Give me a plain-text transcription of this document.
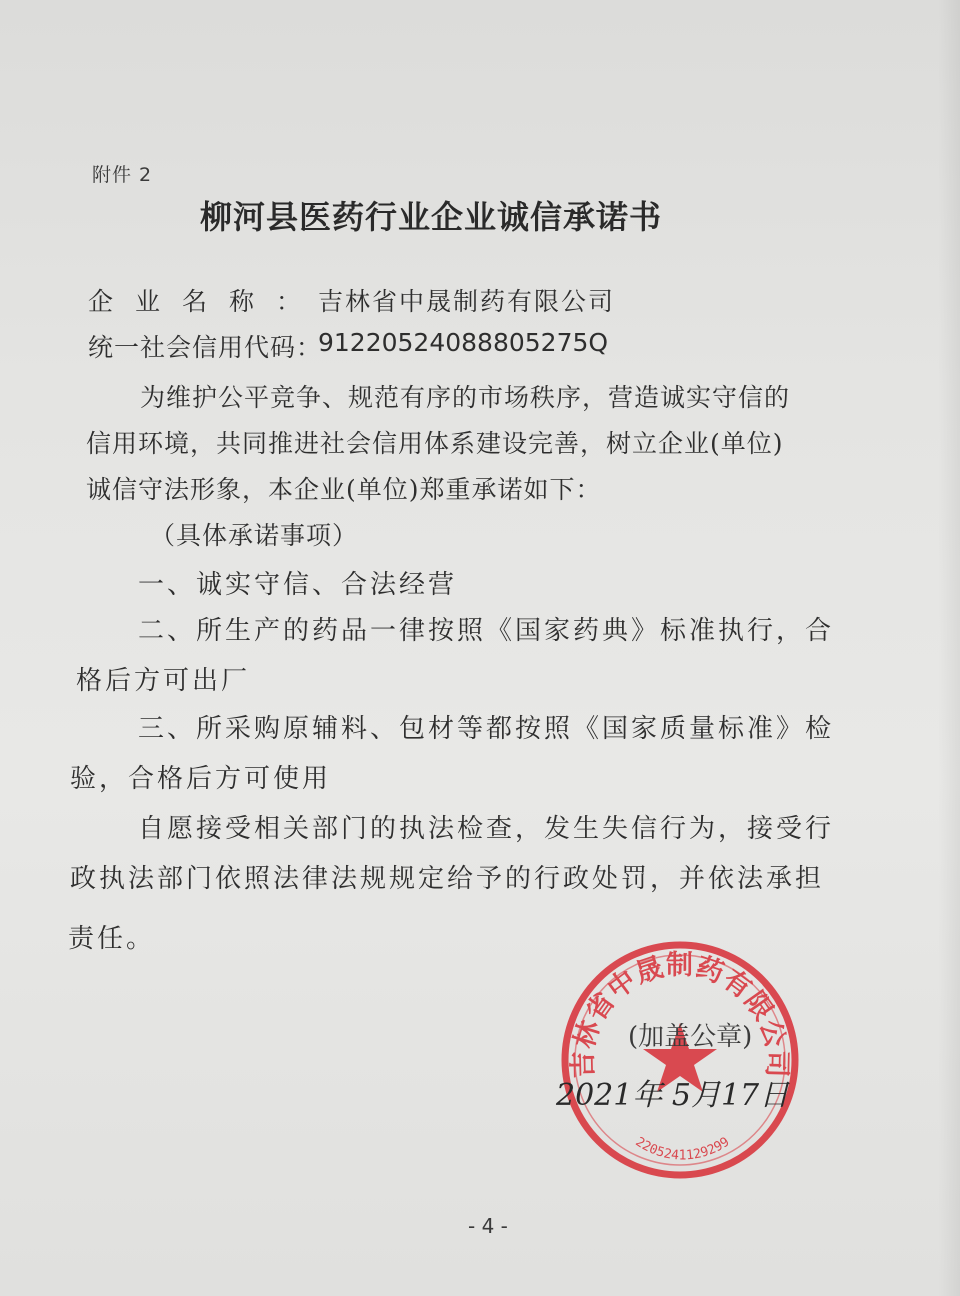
附件 2
柳河县医药行业企业诚信承诺书
企业名称：
吉林省中晟制药有限公司
统一社会信用代码：
91220524088805275Q
为维护公平竞争、规范有序的市场秩序，营造诚实守信的
信用环境，共同推进社会信用体系建设完善，树立企业(单位)
诚信守法形象，本企业(单位)郑重承诺如下：
（具体承诺事项）
一、诚实守信、合法经营
二、所生产的药品一律按照《国家药典》标准执行，合
格后方可出厂
三、所采购原辅料、包材等都按照《国家质量标准》检
验，合格后方可使用
自愿接受相关部门的执法检查，发生失信行为，接受行
政执法部门依照法律法规规定给予的行政处罚，并依法承担
责任。
吉林省中晟制药有限公司
2205241129299
(加盖公章)
2021年 5月17日
- 4 -
